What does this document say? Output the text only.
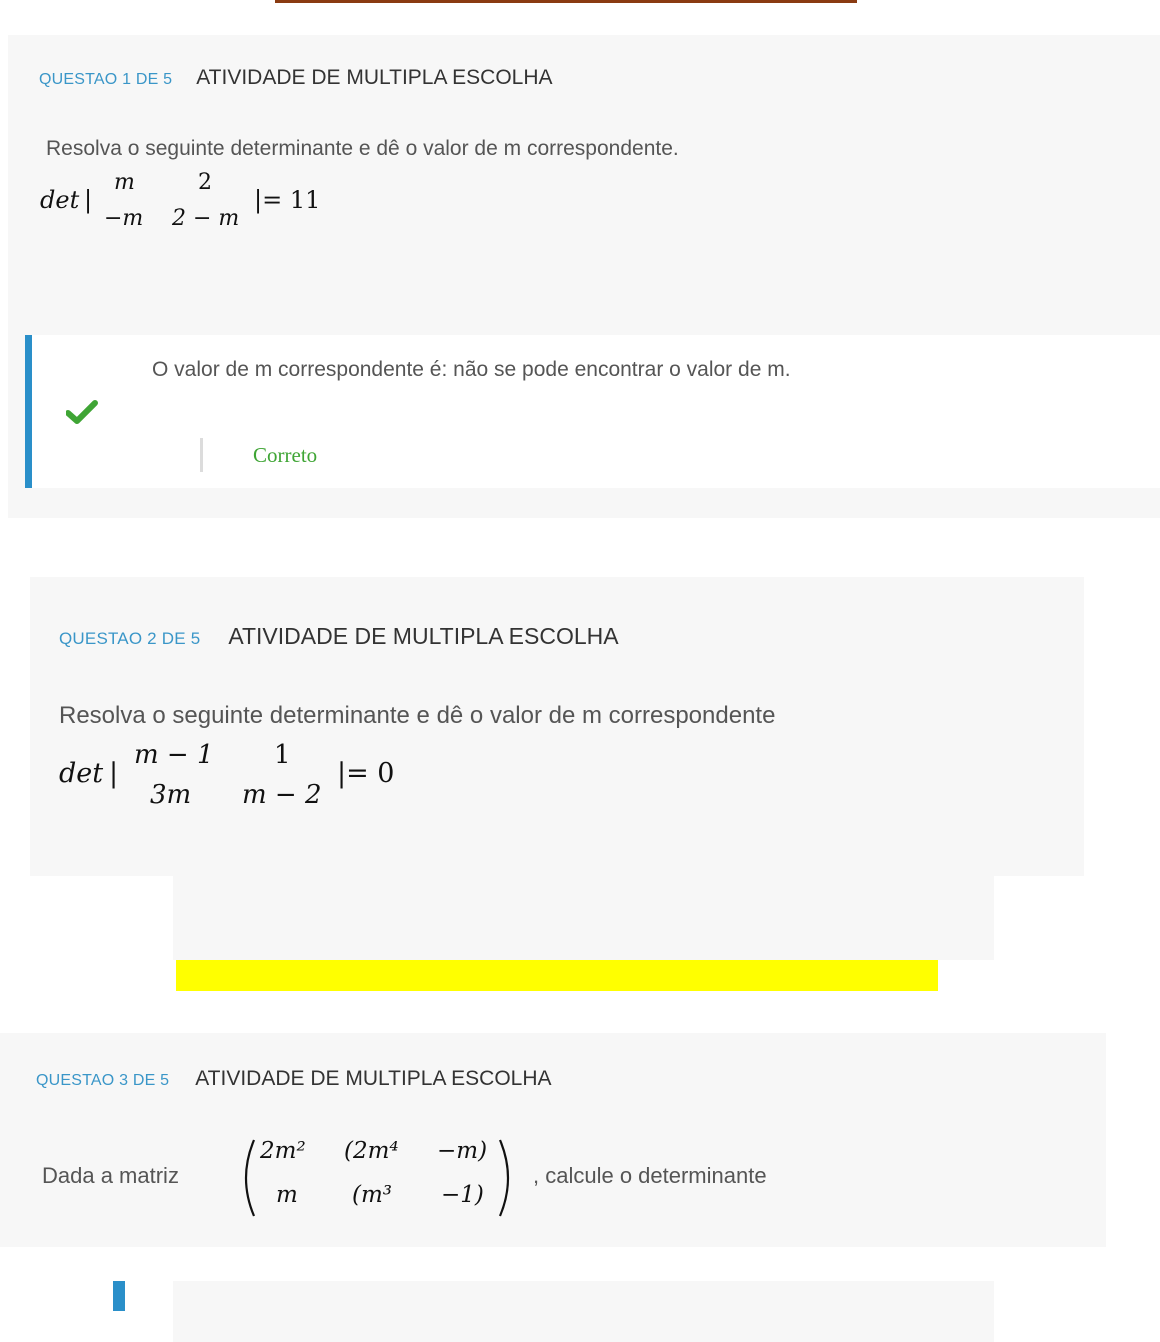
QUESTAO 1 DE 5 ATIVIDADE DE MULTIPLA ESCOLHA
Resolva o seguinte determinante e dê o valor de m correspondente.
det |
m	2
−m 2 − m
|= 11
O valor de m correspondente é: não se pode encontrar o valor de m.
Correto
QUESTAO 2 DE 5 ATIVIDADE DE MULTIPLA ESCOLHA
Resolva o seguinte determinante e dê o valor de m correspondente
det |
m − 1 1
3m m − 2
|= 0
QUESTAO 3 DE 5 ATIVIDADE DE MULTIPLA ESCOLHA
Dada a matriz
2m² (2m⁴ −m)
m (m³ −1)
, calcule o determinante
